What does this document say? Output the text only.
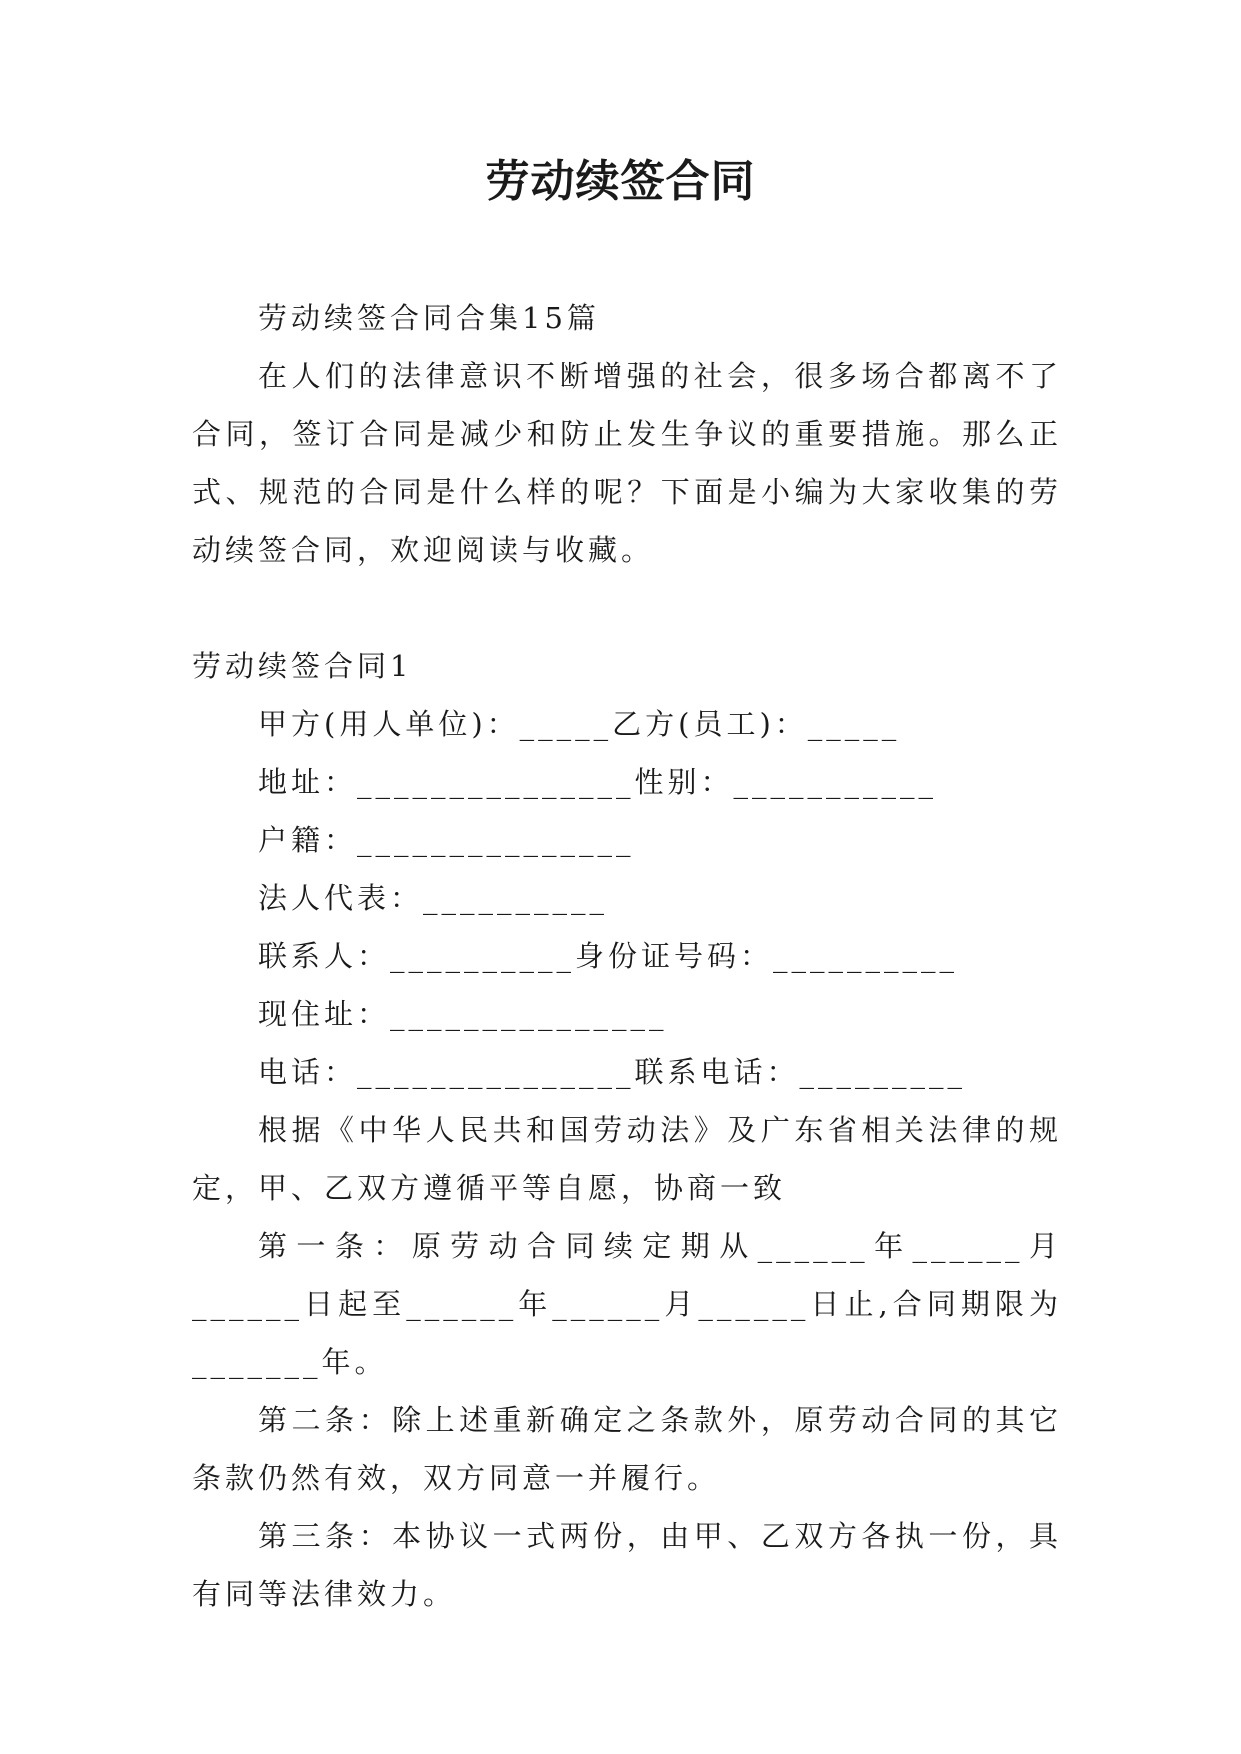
劳动续签合同

劳动续签合同合集15篇

在人们的法律意识不断增强的社会，很多场合都离不了合同，签订合同是减少和防止发生争议的重要措施。那么正式、规范的合同是什么样的呢？下面是小编为大家收集的劳动续签合同，欢迎阅读与收藏。

劳动续签合同1

甲方(用人单位)：_____乙方(员工)：_____

地址：_______________性别：___________

户籍：_______________

法人代表：__________

联系人：__________身份证号码：__________

现住址：_______________

电话：_______________联系电话：_________

根据《中华人民共和国劳动法》及广东省相关法律的规定，甲、乙双方遵循平等自愿，协商一致

第一条：原劳动合同续定期从______年______月______日起至______年______月______日止,合同期限为_______年。

第二条：除上述重新确定之条款外，原劳动合同的其它条款仍然有效，双方同意一并履行。

第三条：本协议一式两份，由甲、乙双方各执一份，具有同等法律效力。
